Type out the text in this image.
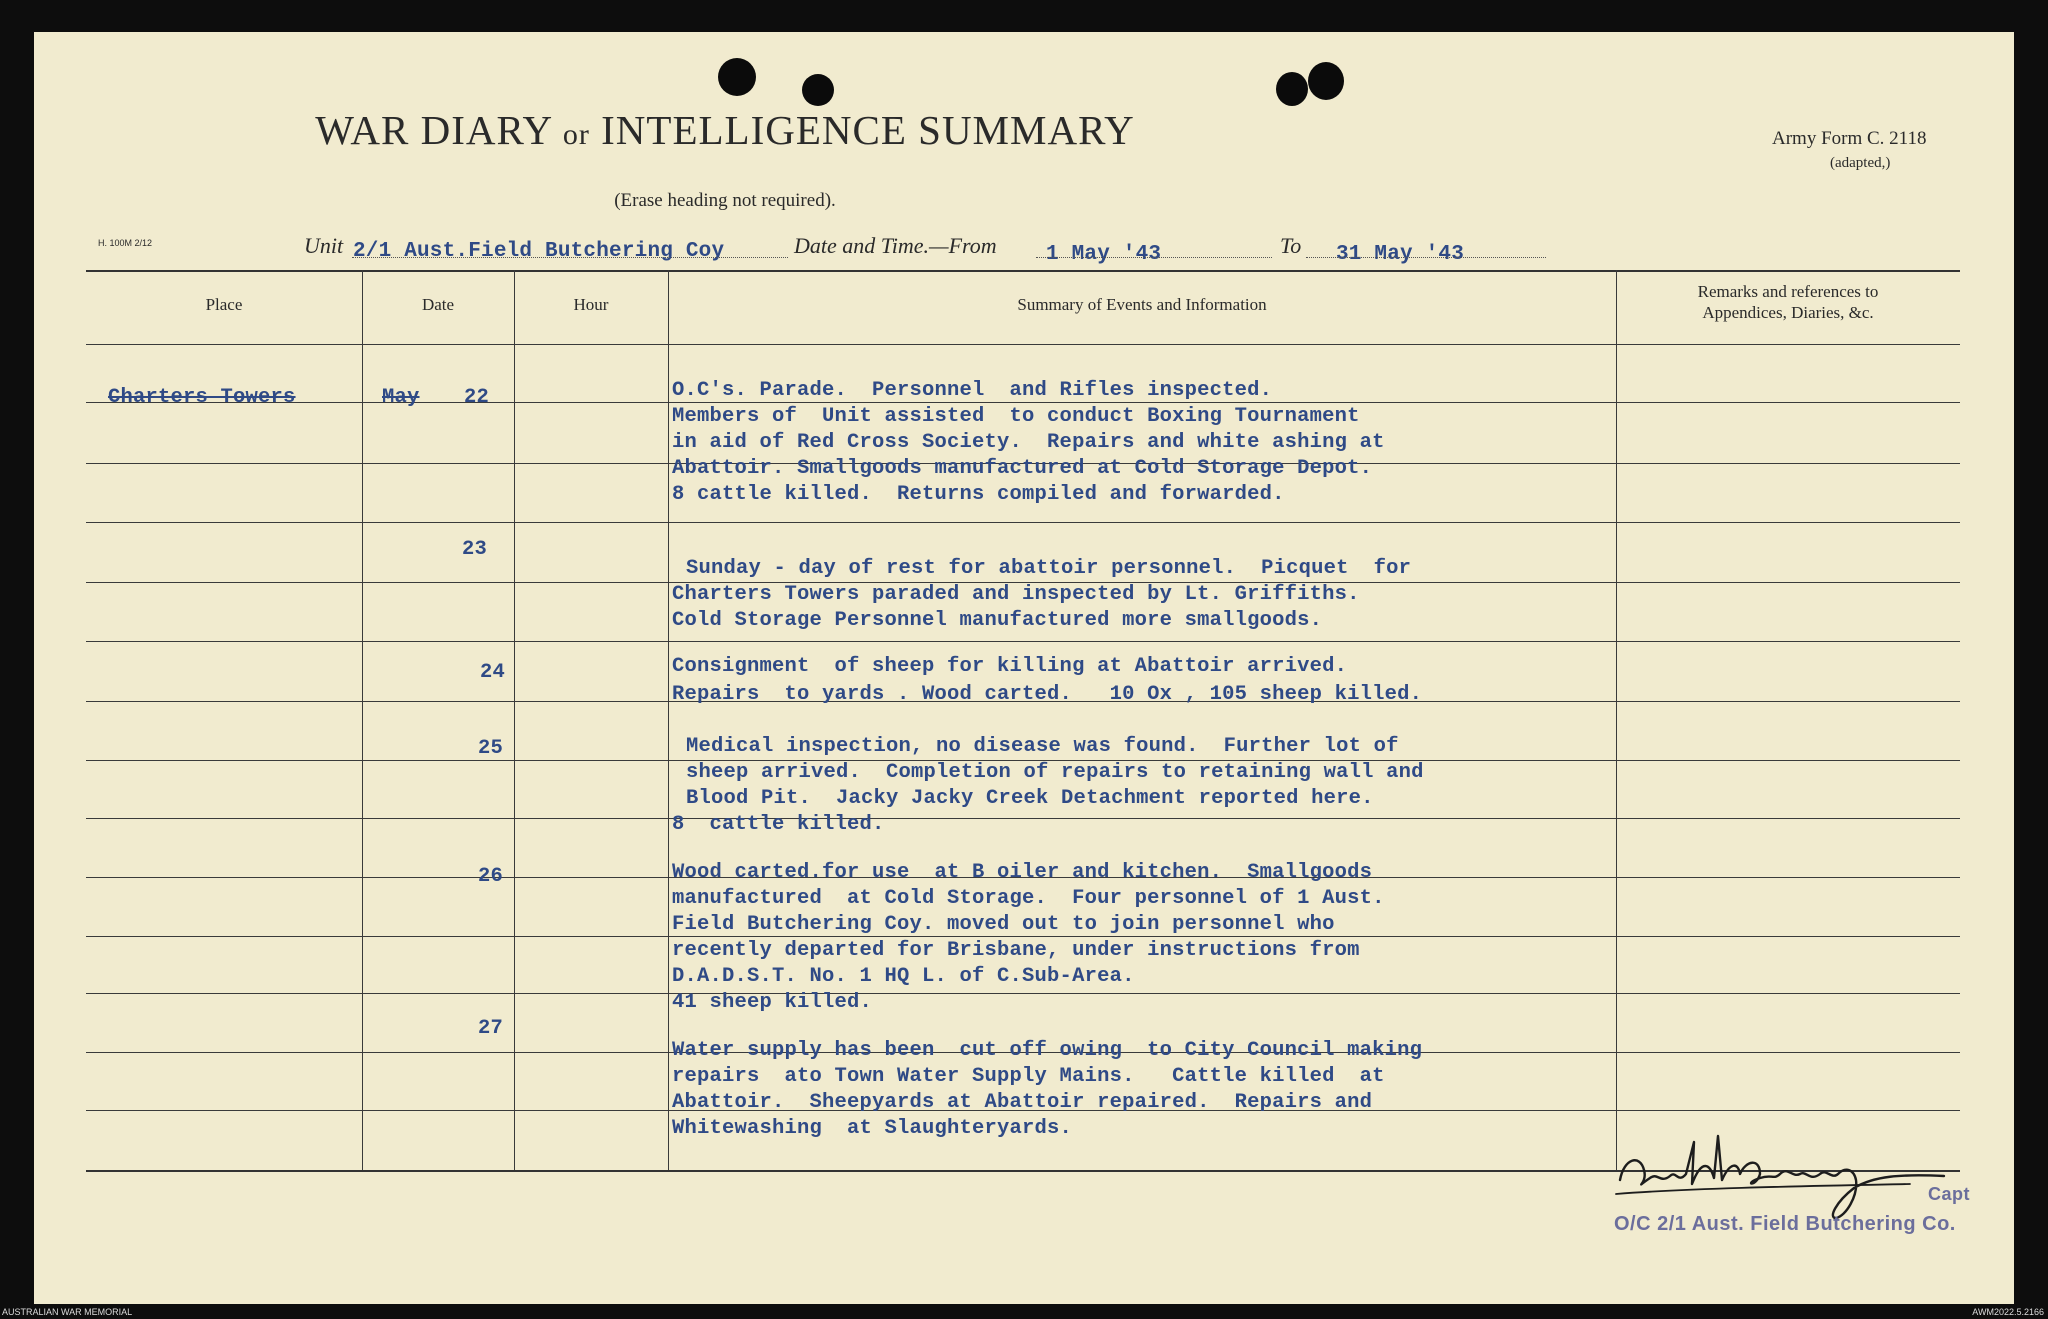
WAR DIARY or INTELLIGENCE SUMMARY
(Erase heading not required).
Army Form C. 2118
(adapted,)
H. 100M 2/12	Unit 2/1 Aust.Field Butchering Coy	Date and Time.—From 1 May '43	To 31 May '43
Place	Date	Hour	Summary of Events and Information
Remarks and references to
Appendices, Diaries, &c.
Charters Towers	May 22	O.C's. Parade.  Personnel  and Rifles inspected.
Members of  Unit assisted  to conduct Boxing Tournament
in aid of Red Cross Society.  Repairs and white ashing at
Abattoir. Smallgoods manufactured at Cold Storage Depot.
8 cattle killed.  Returns compiled and forwarded.
23
Sunday - day of rest for abattoir personnel.  Picquet  for
Charters Towers paraded and inspected by Lt. Griffiths.
Cold Storage Personnel manufactured more smallgoods.
24	Consignment  of sheep for killing at Abattoir arrived.
Repairs  to yards . Wood carted.   10 Ox , 105 sheep killed.
25	Medical inspection, no disease was found.  Further lot of
sheep arrived.  Completion of repairs to retaining wall and
Blood Pit.  Jacky Jacky Creek Detachment reported here.
8  cattle killed.
26	Wood carted.for use  at B oiler and kitchen.  Smallgoods
manufactured  at Cold Storage.  Four personnel of 1 Aust.
Field Butchering Coy. moved out to join personnel who
recently departed for Brisbane, under instructions from
D.A.D.S.T. No. 1 HQ L. of C.Sub-Area.
41 sheep killed.
27
Water supply has been  cut off owing  to City Council making
repairs  ato Town Water Supply Mains.   Cattle killed  at
Abattoir.  Sheepyards at Abattoir repaired.  Repairs and
Whitewashing  at Slaughteryards.
Capt
O/C 2/1 Aust. Field Butchering Co.
AUSTRALIAN WAR MEMORIAL	AWM2022.5.2166
